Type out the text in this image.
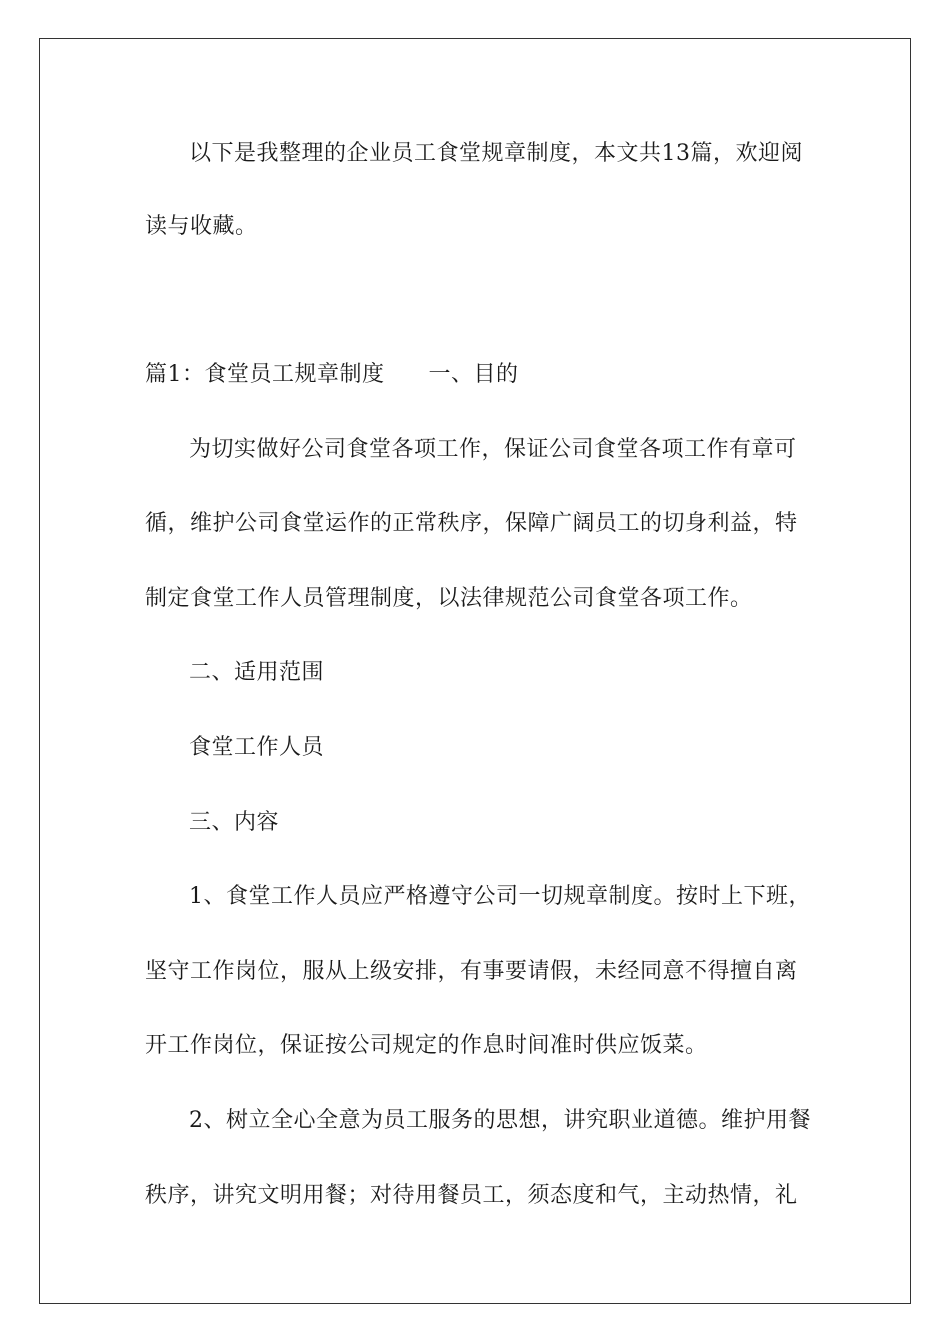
以下是我整理的企业员工食堂规章制度，本文共13篇，欢迎阅

读与收藏。

篇1：食堂员工规章制度 一、目的

为切实做好公司食堂各项工作，保证公司食堂各项工作有章可

循，维护公司食堂运作的正常秩序，保障广阔员工的切身利益，特

制定食堂工作人员管理制度，以法律规范公司食堂各项工作。

二、适用范围

食堂工作人员

三、内容

1、食堂工作人员应严格遵守公司一切规章制度。按时上下班，

坚守工作岗位，服从上级安排，有事要请假，未经同意不得擅自离

开工作岗位，保证按公司规定的作息时间准时供应饭菜。

2、树立全心全意为员工服务的思想，讲究职业道德。维护用餐

秩序，讲究文明用餐；对待用餐员工，须态度和气，主动热情，礼
